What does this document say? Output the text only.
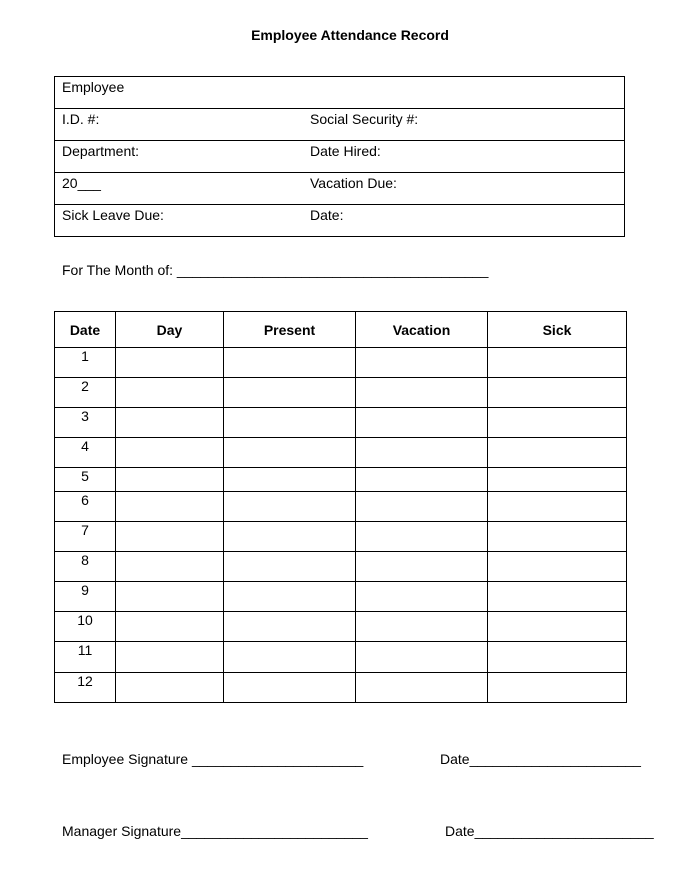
Employee Attendance Record
Employee
I.D. #:	Social Security #:
Department:	Date Hired:
20___	Vacation Due:
Sick Leave Due:	Date:
For The Month of: ________________________________________
Date	Day	Present	Vacation	Sick
1				
2				
3				
4				
5				
6				
7				
8				
9				
10				
11				
12				
Employee Signature ______________________	Date______________________
Manager Signature________________________	Date_______________________
